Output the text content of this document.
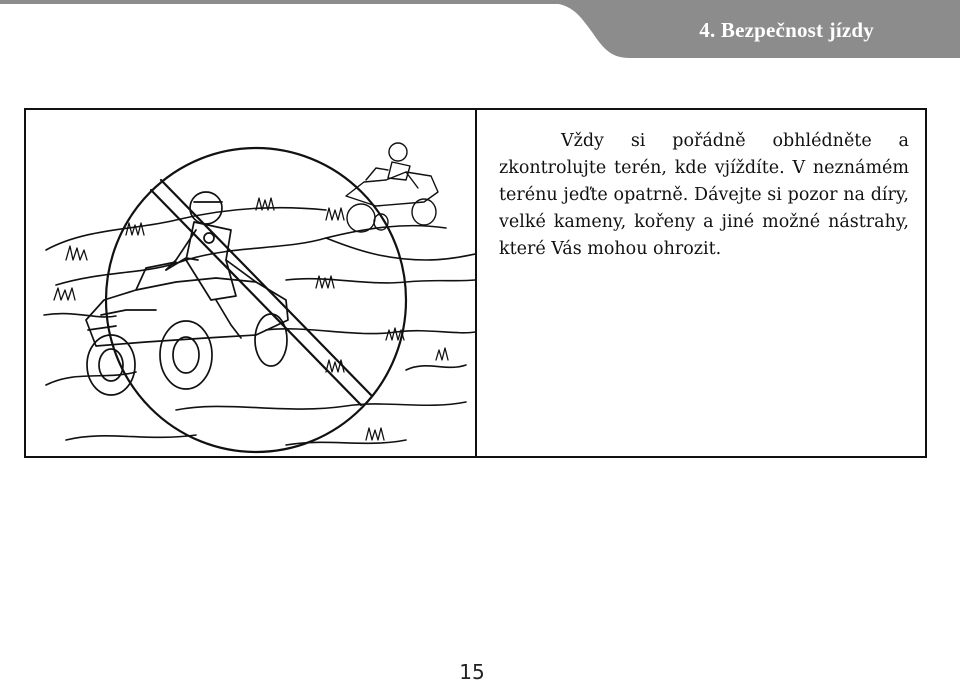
4. Bezpečnost jízdy

Vždy si pořádně obhlédněte a zkontrolujte terén, kde vjíždíte. V neznámém terénu jeďte opatrně. Dávejte si pozor na díry, velké kameny, kořeny a jiné možné nástrahy, které Vás mohou ohrozit.

15
